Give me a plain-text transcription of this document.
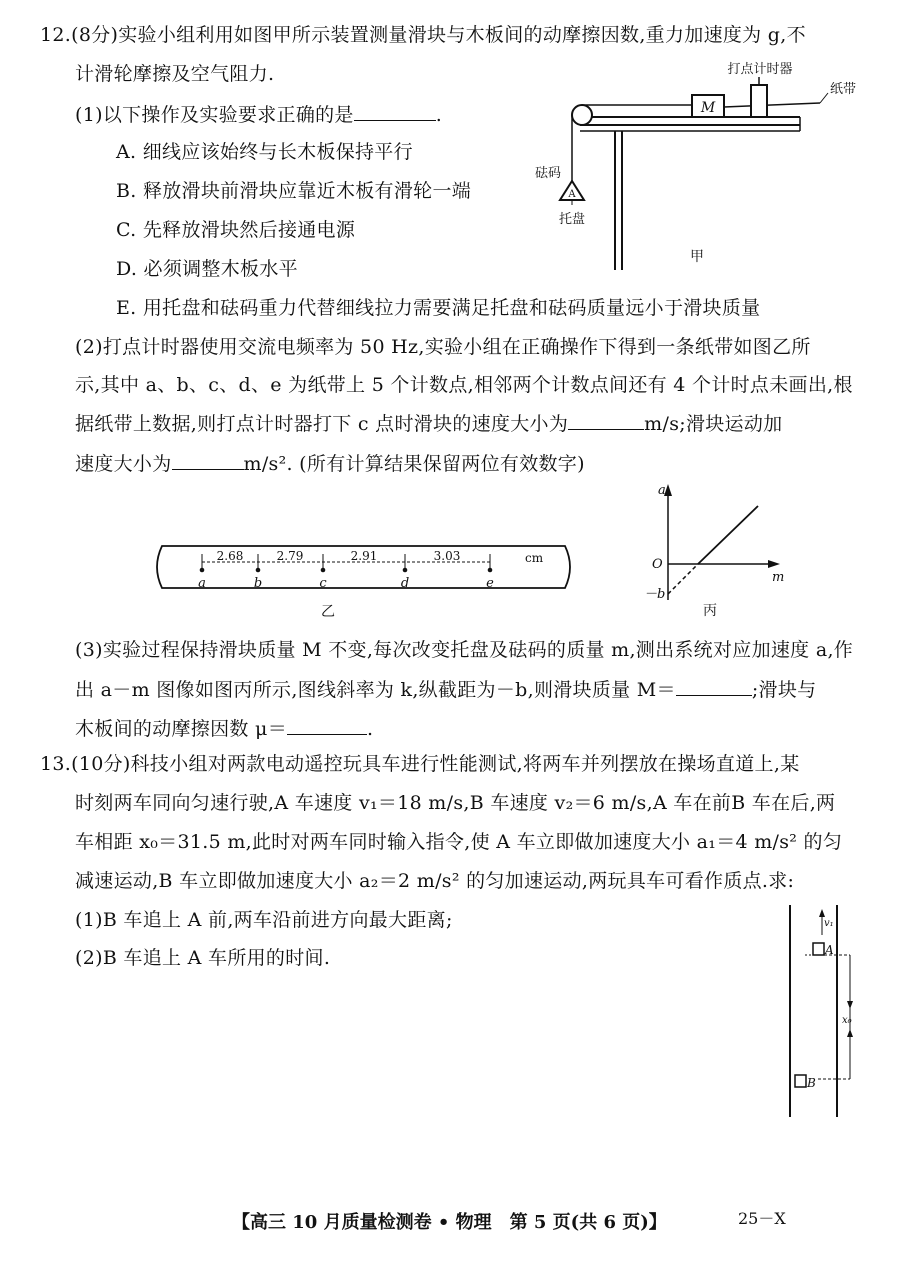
12.(8分)实验小组利用如图甲所示装置测量滑块与木板间的动摩擦因数,重力加速度为 g,不
计滑轮摩擦及空气阻力.
(1)以下操作及实验要求正确的是	.
A. 细线应该始终与长木板保持平行
B. 释放滑块前滑块应靠近木板有滑轮一端
C. 先释放滑块然后接通电源
D. 必须调整木板水平
E. 用托盘和砝码重力代替细线拉力需要满足托盘和砝码质量远小于滑块质量
(2)打点计时器使用交流电频率为 50 Hz,实验小组在正确操作下得到一条纸带如图乙所
示,其中 a、b、c、d、e 为纸带上 5 个计数点,相邻两个计数点间还有 4 个计时点未画出,根
据纸带上数据,则打点计时器打下 c 点时滑块的速度大小为	m/s;滑块运动加
速度大小为	m/s². (所有计算结果保留两位有效数字)
(3)实验过程保持滑块质量 M 不变,每次改变托盘及砝码的质量 m,测出系统对应加速度 a,作
出 a－m 图像如图丙所示,图线斜率为 k,纵截距为－b,则滑块质量 M＝	;滑块与
木板间的动摩擦因数 μ＝	.
M
打点计时器
纸带
A
砝码
托盘
甲
2.68	2.79	2.91	3.03	cm
a	b	c	d	e
乙
a
m
O
－b
丙
13.(10分)科技小组对两款电动遥控玩具车进行性能测试,将两车并列摆放在操场直道上,某
时刻两车同向匀速行驶,A 车速度 v₁＝18 m/s,B 车速度 v₂＝6 m/s,A 车在前B 车在后,两
车相距 x₀＝31.5 m,此时对两车同时输入指令,使 A 车立即做加速度大小 a₁＝4 m/s² 的匀
减速运动,B 车立即做加速度大小 a₂＝2 m/s² 的匀加速运动,两玩具车可看作质点.求:
(1)B 车追上 A 前,两车沿前进方向最大距离;
(2)B 车追上 A 车所用的时间.
v₁
A
x₀
B
【高三 10 月质量检测卷 • 物理　第 5 页(共 6 页)】	25－X
